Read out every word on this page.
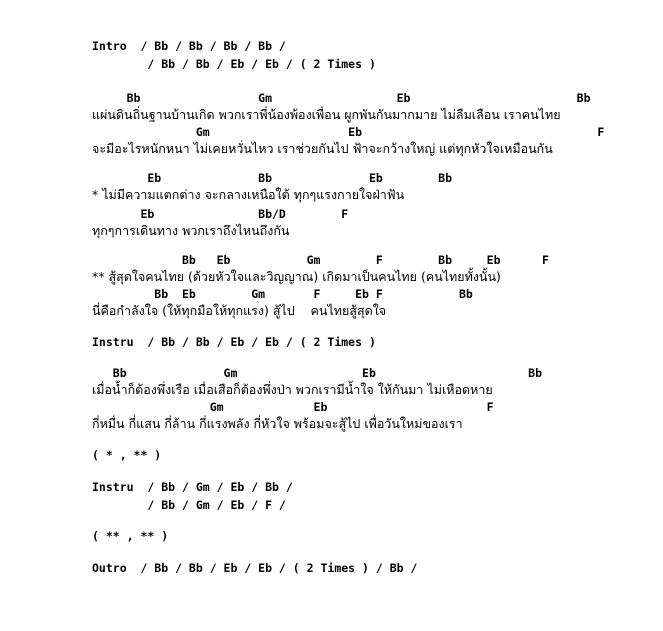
Intro  / Bb / Bb / Bb / Bb /
/ Bb / Bb / Eb / Eb / ( 2 Times )
Bb                 Gm                  Eb                        Bb
แผ่นดินถิ่นฐานบ้านเกิด พวกเราพี่น้องพ้องเพื่อน ผูกพันกันมากมาย ไม่ลืมเลือน เราคนไทย
Gm                    Eb                                  F
จะมีอะไรหนักหนา ไม่เคยหวั่นไหว เราช่วยกันไป ฟ้าจะกว้างใหญ่ แต่ทุกหัวใจเหมือนกัน
Eb              Bb              Eb        Bb
* ไม่มีความแตกต่าง จะกลางเหนือใต้ ทุกๆแรงกายใจฝ่าฟัน
Eb               Bb/D        F
ทุกๆการเดินทาง พวกเราถึงไหนถึงกัน
Bb   Eb           Gm        F        Bb     Eb      F
** สู้สุดใจคนไทย (ด้วยหัวใจและวิญญาณ) เกิดมาเป็นคนไทย (คนไทยทั้งนั้น)
Bb  Eb        Gm       F     Eb F           Bb
นี่คือกำลังใจ (ให้ทุกมือให้ทุกแรง) สู้ไป    คนไทยสู้สุดใจ
Instru  / Bb / Bb / Eb / Eb / ( 2 Times )
Bb              Gm                  Eb                      Bb
เมื่อน้ำก็ต้องพึ่งเรือ เมื่อเสือก็ต้องพึ่งป่า พวกเรามีน้ำใจ ให้กันมา ไม่เหือดหาย
Gm             Eb                       F
กี่หมื่น กี่แสน กี่ล้าน กี่แรงพลัง กี่หัวใจ พร้อมจะสู้ไป เพื่อวันใหม่ของเรา
( * , ** )
Instru  / Bb / Gm / Eb / Bb /
/ Bb / Gm / Eb / F /
( ** , ** )
Outro  / Bb / Bb / Eb / Eb / ( 2 Times ) / Bb /
